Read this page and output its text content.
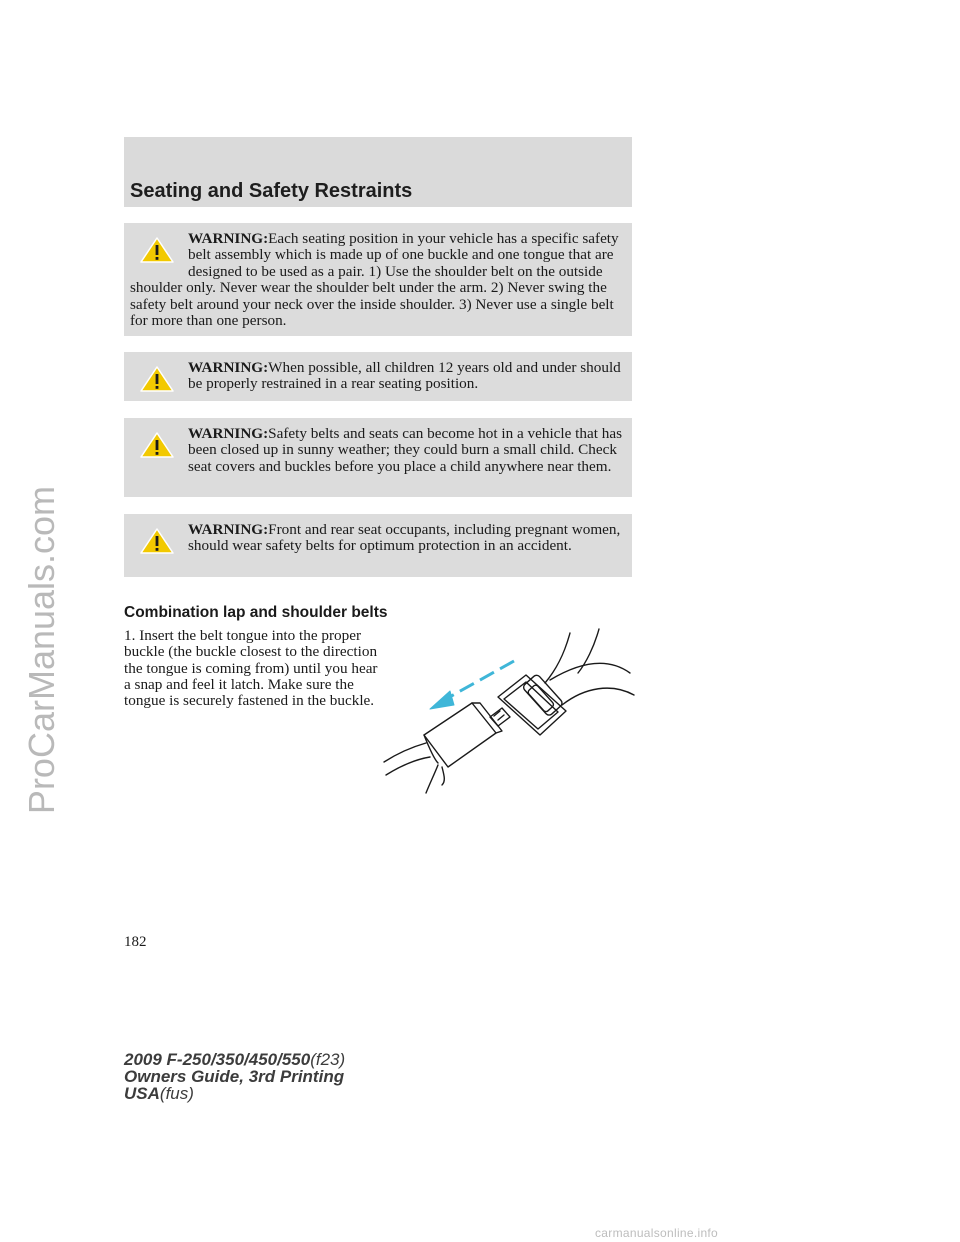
ProCarManuals.com
Seating and Safety Restraints
WARNING:Each seating position in your vehicle has a specific safety belt assembly which is made up of one buckle and one tongue that are designed to be used as a pair. 1) Use the shoulder belt on the outside shoulder only. Never wear the shoulder belt under the arm. 2) Never swing the safety belt around your neck over the inside shoulder. 3) Never use a single belt for more than one person.
WARNING:When possible, all children 12 years old and under should be properly restrained in a rear seating position.
WARNING:Safety belts and seats can become hot in a vehicle that has been closed up in sunny weather; they could burn a small child. Check seat covers and buckles before you place a child anywhere near them.
WARNING:Front and rear seat occupants, including pregnant women, should wear safety belts for optimum protection in an accident.
Combination lap and shoulder belts
1. Insert the belt tongue into the proper buckle (the buckle closest to the direction the tongue is coming from) until you hear a snap and feel it latch. Make sure the tongue is securely fastened in the buckle.
182
2009 F-250/350/450/550(f23)
Owners Guide, 3rd Printing
USA(fus)
carmanualsonline.info
